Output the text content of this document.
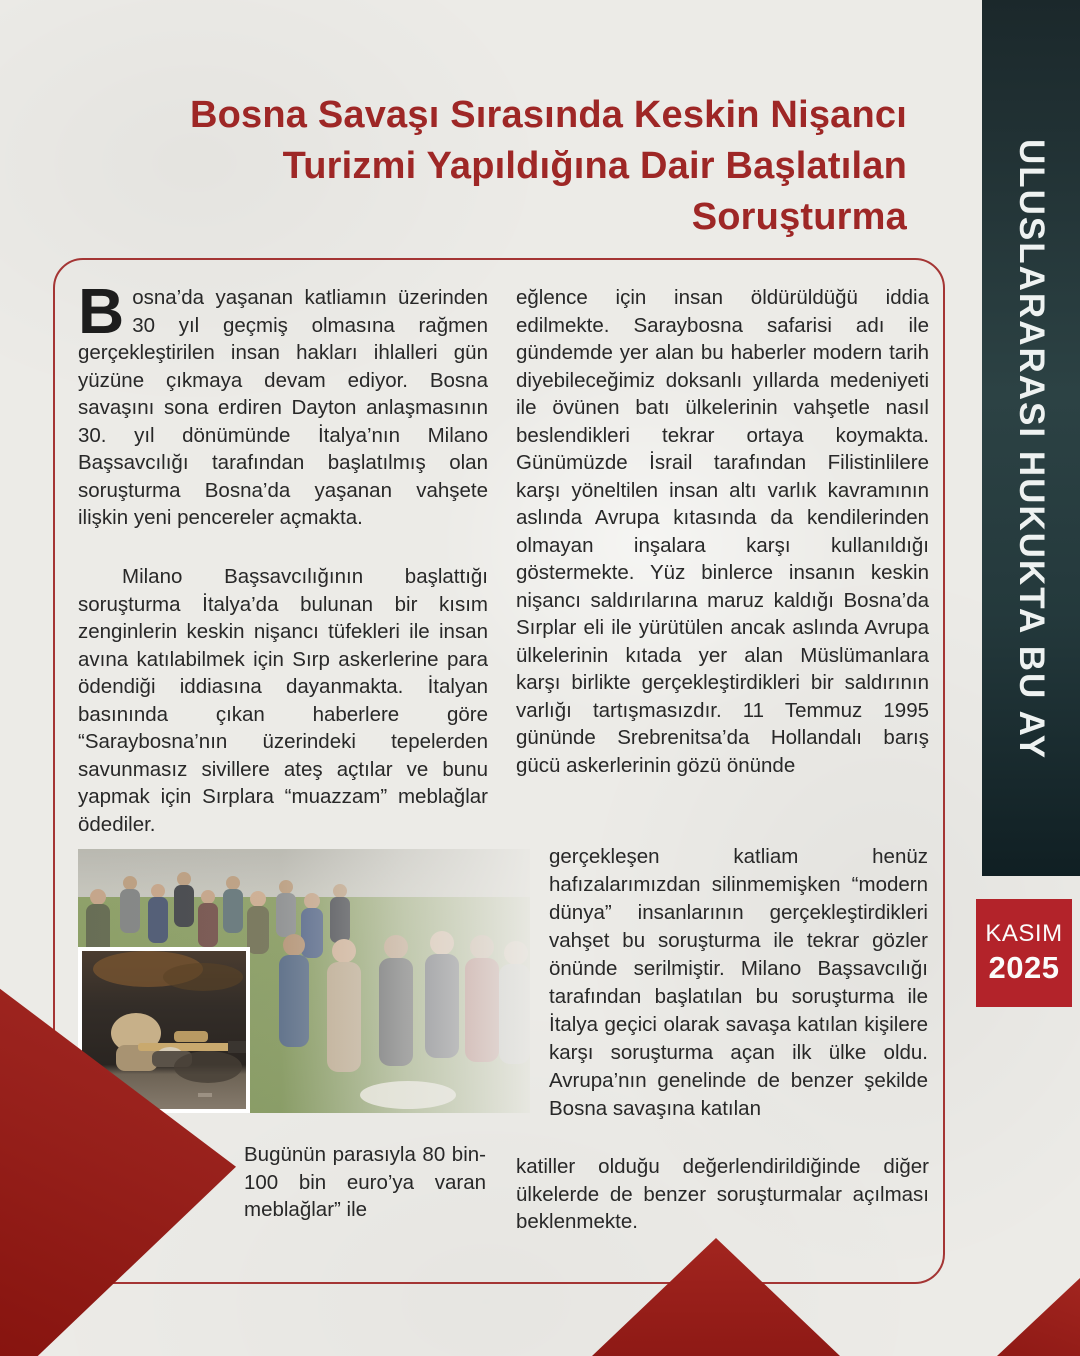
Bosna Savaşı Sırasında Keskin Nişancı
Turizmi Yapıldığına Dair Başlatılan
Soruşturma
Bosna’da yaşanan katliamın üzerinden 30 yıl geçmiş olmasına rağmen gerçekleştirilen insan hakları ihlalleri gün yüzüne çıkmaya devam ediyor. Bosna savaşını sona erdiren Dayton anlaşmasının 30. yıl dönümünde İtalya’nın Milano Başsavcılığı tarafından başlatılmış olan soruşturma Bosna’da yaşanan vahşete ilişkin yeni pencereler açmakta.
Milano Başsavcılığının başlattığı soruşturma İtalya’da bulunan bir kısım zenginlerin keskin nişancı tüfekleri ile insan avına katılabilmek için Sırp askerlerine para ödendiği iddiasına dayanmakta. İtalyan basınında çıkan haberlere göre “Saraybosna’nın üzerindeki tepelerden savunmasız sivillere ateş açtılar ve bunu yapmak için Sırplara “muazzam” meblağlar ödediler.
eğlence için insan öldürüldüğü iddia edilmekte. Saraybosna safarisi adı ile gündemde yer alan bu haberler modern tarih diyebileceğimiz doksanlı yıllarda medeniyeti ile övünen batı ülkelerinin vahşetle nasıl beslendikleri tekrar ortaya koymakta. Günümüzde İsrail tarafından Filistinlilere karşı yöneltilen insan altı varlık kavramının aslında Avrupa kıtasında da kendilerinden olmayan inşalara karşı kullanıldığı göstermekte. Yüz binlerce insanın keskin nişancı saldırılarına maruz kaldığı Bosna’da Sırplar eli ile yürütülen ancak aslında Avrupa ülkelerinin kıtada yer alan Müslümanlara karşı birlikte gerçekleştirdikleri bir saldırının varlığı tartışmasızdır. 11 Temmuz 1995 gününde Srebrenitsa’da Hollandalı barış gücü askerlerinin gözü önünde
gerçekleşen katliam henüz hafızalarımızdan silinmemişken “modern dünya” insanlarının gerçekleştirdikleri vahşet bu soruşturma ile tekrar gözler önünde serilmiştir. Milano Başsavcılığı tarafından başlatılan bu soruşturma ile İtalya geçici olarak savaşa katılan kişilere karşı soruşturma açan ilk ülke oldu. Avrupa’nın genelinde de benzer şekilde Bosna savaşına katılan
katiller olduğu değerlendirildiğinde diğer ülkelerde de benzer soruşturmalar açılması beklenmekte.
Bugünün parasıyla 80 bin-100 bin euro’ya varan meblağlar” ile
ULUSLARARASI HUKUKTA BU AY
KASIM
2025
